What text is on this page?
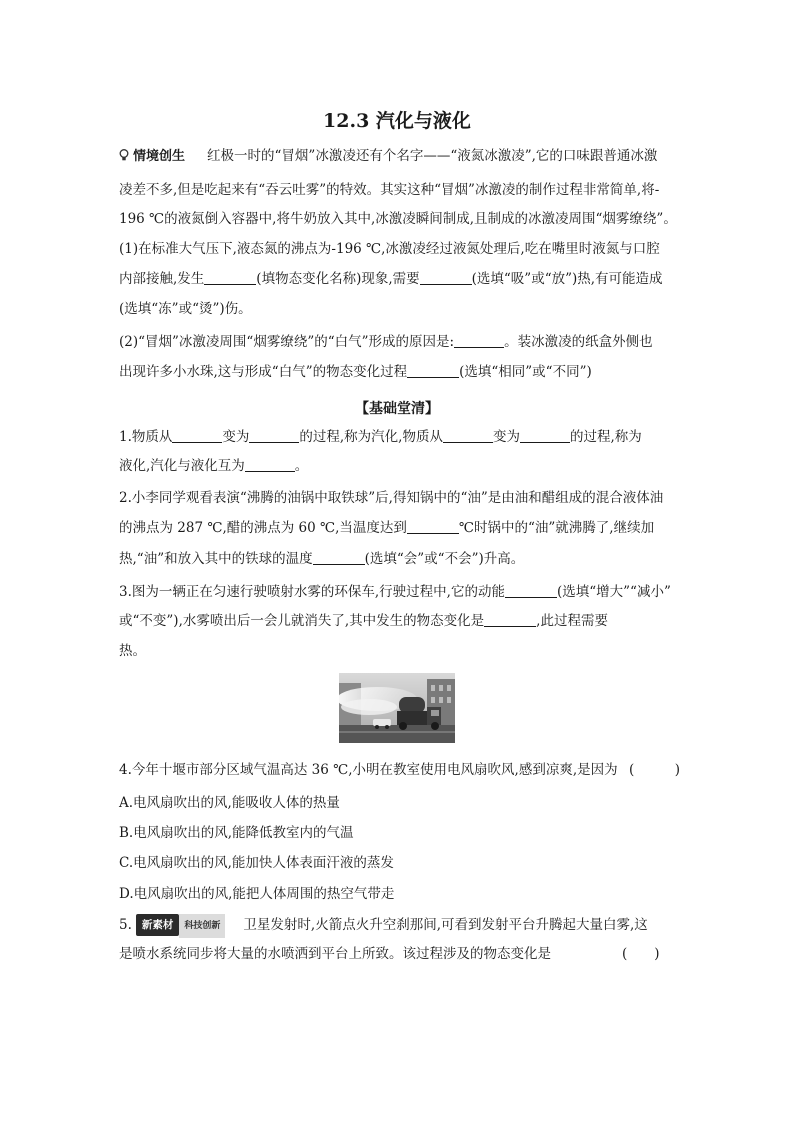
12.3 汽化与液化
情境创生 红极一时的“冒烟”冰激凌还有个名字——“液氮冰激凌”,它的口味跟普通冰激
凌差不多,但是吃起来有“吞云吐雾”的特效。其实这种“冒烟”冰激凌的制作过程非常简单,将-
196 ℃的液氮倒入容器中,将牛奶放入其中,冰激凌瞬间制成,且制成的冰激凌周围“烟雾缭绕”。
(1)在标准大气压下,液态氮的沸点为-196 ℃,冰激凌经过液氮处理后,吃在嘴里时液氮与口腔
内部接触,发生	(填物态变化名称)现象,需要	(选填“吸”或“放”)热,有可能造成
(选填“冻”或“烫”)伤。
(2)“冒烟”冰激凌周围“烟雾缭绕”的“白气”形成的原因是:	。装冰激凌的纸盒外侧也
出现许多小水珠,这与形成“白气”的物态变化过程	(选填“相同”或“不同”)
【基础堂清】
1.物质从	变为	的过程,称为汽化,物质从	变为	的过程,称为
液化,汽化与液化互为	。
2.小李同学观看表演“沸腾的油锅中取铁球”后,得知锅中的“油”是由油和醋组成的混合液体油
的沸点为 287 ℃,醋的沸点为 60 ℃,当温度达到	℃时锅中的“油”就沸腾了,继续加
热,“油”和放入其中的铁球的温度	(选填“会”或“不会”)升高。
3.图为一辆正在匀速行驶喷射水雾的环保车,行驶过程中,它的动能	(选填“增大”“减小”
或“不变”),水雾喷出后一会儿就消失了,其中发生的物态变化是	,此过程需要
热。
4.今年十堰市部分区域气温高达 36 ℃,小明在教室使用电风扇吹风,感到凉爽,是因为 (　　　)
A.电风扇吹出的风,能吸收人体的热量
B.电风扇吹出的风,能降低教室内的气温
C.电风扇吹出的风,能加快人体表面汗液的蒸发
D.电风扇吹出的风,能把人体周围的热空气带走
5. 新素材 科技创新 卫星发射时,火箭点火升空刹那间,可看到发射平台升腾起大量白雾,这
是喷水系统同步将大量的水喷洒到平台上所致。该过程涉及的物态变化是	(　　)
